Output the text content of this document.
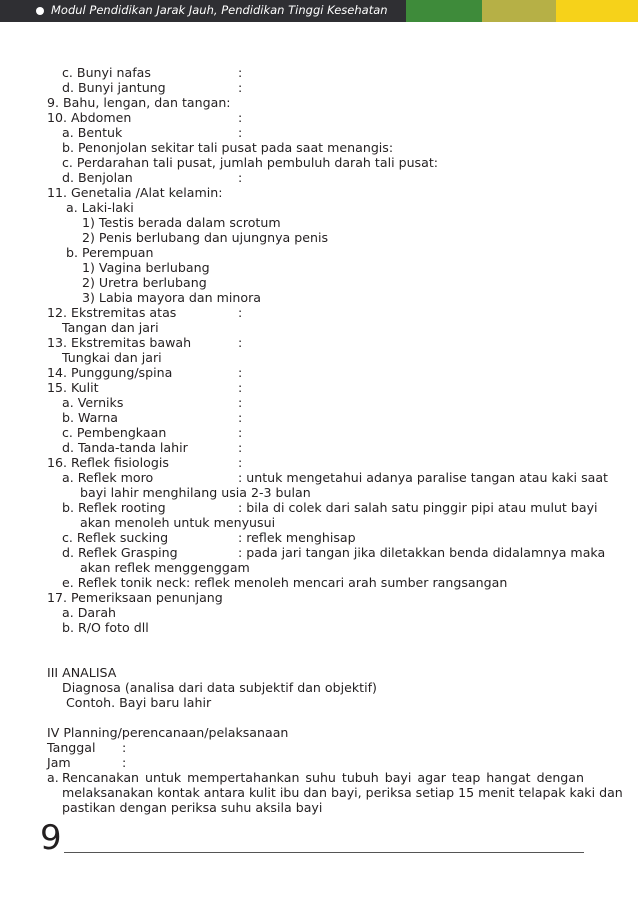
Modul Pendidikan Jarak Jauh, Pendidikan Tinggi Kesehatan
c. Bunyi nafas	:
d. Bunyi jantung	:
9. Bahu, lengan, dan tangan:
10. Abdomen	:
a. Bentuk	:
b. Penonjolan sekitar tali pusat pada saat menangis:
c. Perdarahan tali pusat, jumlah pembuluh darah tali pusat:
d. Benjolan	:
11. Genetalia /Alat kelamin:
a. Laki-laki
1) Testis berada dalam scrotum
2) Penis berlubang dan ujungnya penis
b. Perempuan
1) Vagina berlubang
2) Uretra berlubang
3) Labia mayora dan minora
12. Ekstremitas atas	:
Tangan dan jari
13. Ekstremitas bawah	:
Tungkai dan jari
14. Punggung/spina	:
15. Kulit	:
a. Verniks	:
b. Warna	:
c. Pembengkaan	:
d. Tanda-tanda lahir	:
16. Reflek fisiologis	:
a. Reflek moro	: untuk mengetahui adanya paralise tangan atau kaki saat
bayi lahir menghilang usia 2-3 bulan
b. Reflek rooting	: bila di colek dari salah satu pinggir pipi atau mulut bayi
akan menoleh untuk menyusui
c. Reflek sucking	: reflek menghisap
d. Reflek Grasping	: pada jari tangan jika diletakkan benda didalamnya maka
akan reflek menggenggam
e. Reflek tonik neck: reflek menoleh mencari arah sumber rangsangan
17. Pemeriksaan penunjang
a. Darah
b. R/O foto dll
III ANALISA
Diagnosa (analisa dari data subjektif dan objektif)
Contoh. Bayi baru lahir
IV Planning/perencanaan/pelaksanaan
Tanggal :
Jam	:
a. Rencanakan untuk mempertahankan suhu tubuh bayi agar teap hangat dengan
melaksanakan kontak antara kulit ibu dan bayi, periksa setiap 15 menit telapak kaki dan
pastikan dengan periksa suhu aksila bayi
9
